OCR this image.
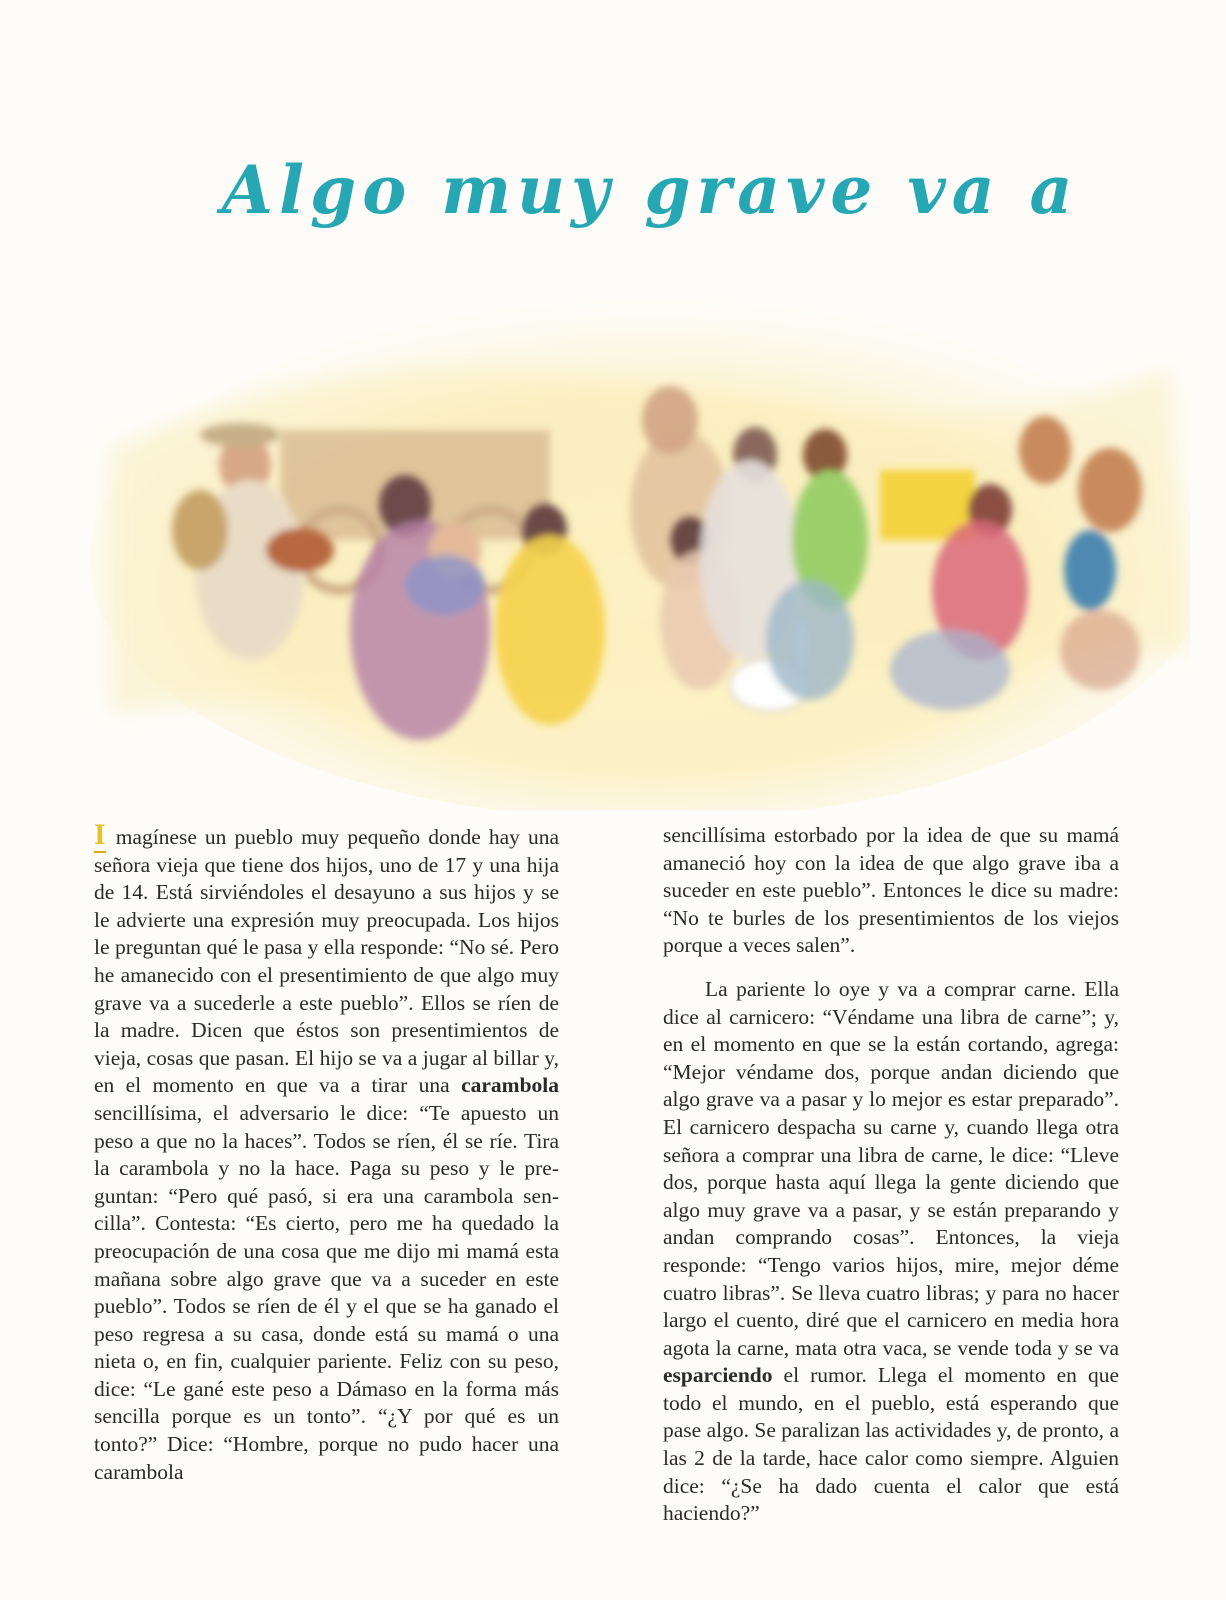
Algo muy grave va a

I magínese un pueblo muy pequeño donde hay una señora vieja que tiene dos hijos, uno de 17 y una hija de 14. Está sirviéndoles el desayuno a sus hijos y se le advierte una expresión muy preocupada. Los hijos le preguntan qué le pasa y ella responde: “No sé. Pero he amanecido con el presentimiento de que algo muy grave va a sucederle a este pueblo”. Ellos se ríen de la madre. Dicen que éstos son presentimientos de vieja, cosas que pasan. El hijo se va a jugar al billar y, en el momento en que va a tirar una carambola sencillísima, el adversario le dice: “Te apuesto un peso a que no la haces”. Todos se ríen, él se ríe. Tira la carambola y no la hace. Paga su peso y le preguntan: “Pero qué pasó, si era una carambola sencilla”. Contesta: “Es cierto, pero me ha quedado la preocupación de una cosa que me dijo mi mamá esta mañana sobre algo grave que va a suceder en este pueblo”. Todos se ríen de él y el que se ha ganado el peso regresa a su casa, donde está su mamá o una nieta o, en fin, cualquier pariente. Feliz con su peso, dice: “Le gané este peso a Dámaso en la forma más sencilla porque es un tonto”. “¿Y por qué es un tonto?” Dice: “Hombre, porque no pudo hacer una carambola

sencillísima estorbado por la idea de que su mamá amaneció hoy con la idea de que algo grave iba a suceder en este pueblo”. Entonces le dice su madre: “No te burles de los presentimientos de los viejos porque a veces salen”.

La pariente lo oye y va a comprar carne. Ella dice al carnicero: “Véndame una libra de carne”; y, en el momento en que se la están cortando, agrega: “Mejor véndame dos, porque andan diciendo que algo grave va a pasar y lo mejor es estar preparado”. El carnicero despacha su carne y, cuando llega otra señora a comprar una libra de carne, le dice: “Lleve dos, porque hasta aquí llega la gente diciendo que algo muy grave va a pasar, y se están preparando y andan comprando cosas”. Entonces, la vieja responde: “Tengo varios hijos, mire, mejor déme cuatro libras”. Se lleva cuatro libras; y para no hacer largo el cuento, diré que el carnicero en media hora agota la carne, mata otra vaca, se vende toda y se va esparciendo el rumor. Llega el momento en que todo el mundo, en el pueblo, está esperando que pase algo. Se paralizan las actividades y, de pronto, a las 2 de la tarde, hace calor como siempre. Alguien dice: “¿Se ha dado cuenta el calor que está haciendo?”
